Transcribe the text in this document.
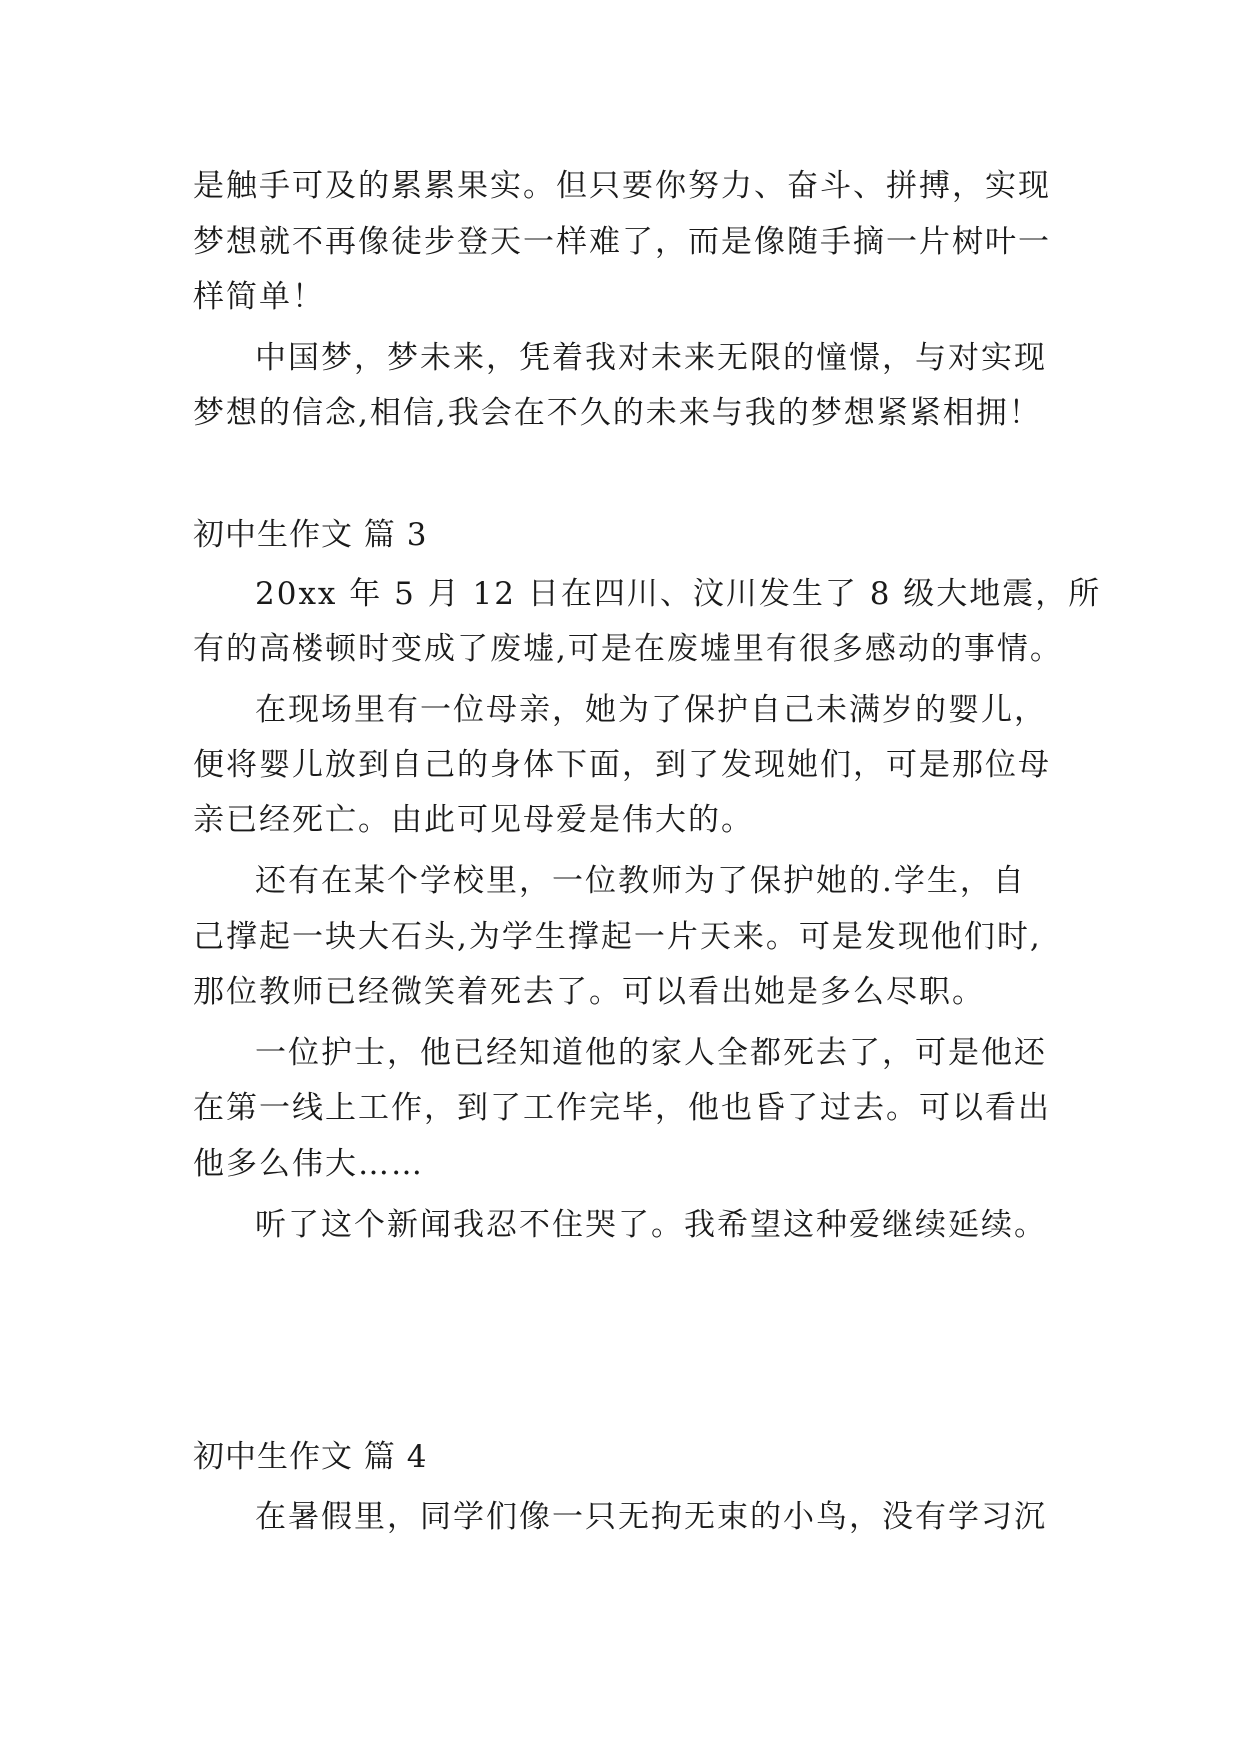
是触手可及的累累果实。但只要你努力、奋斗、拼搏，实现
梦想就不再像徒步登天一样难了，而是像随手摘一片树叶一
样简单！
中国梦，梦未来，凭着我对未来无限的憧憬，与对实现
梦想的信念,相信,我会在不久的未来与我的梦想紧紧相拥！
初中生作文 篇 3
20xx 年 5 月 12 日在四川、汶川发生了 8 级大地震，所
有的高楼顿时变成了废墟,可是在废墟里有很多感动的事情。
在现场里有一位母亲，她为了保护自己未满岁的婴儿，
便将婴儿放到自己的身体下面，到了发现她们，可是那位母
亲已经死亡。由此可见母爱是伟大的。
还有在某个学校里，一位教师为了保护她的.学生，自
己撑起一块大石头,为学生撑起一片天来。可是发现他们时,
那位教师已经微笑着死去了。可以看出她是多么尽职。
一位护士，他已经知道他的家人全都死去了，可是他还
在第一线上工作，到了工作完毕，他也昏了过去。可以看出
他多么伟大……
听了这个新闻我忍不住哭了。我希望这种爱继续延续。
初中生作文 篇 4
在暑假里，同学们像一只无拘无束的小鸟，没有学习沉
